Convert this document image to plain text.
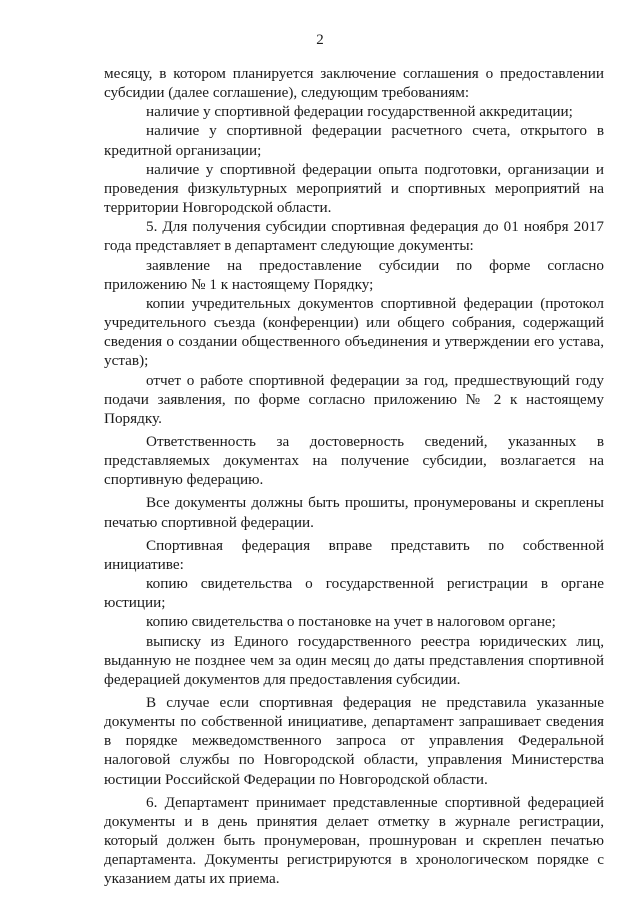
2

месяцу, в котором планируется заключение соглашения о предоставлении субсидии (далее соглашение), следующим требованиям:

наличие у спортивной федерации государственной аккредитации;

наличие у спортивной федерации расчетного счета, открытого в кредитной организации;

наличие у спортивной федерации опыта подготовки, организации и проведения физкультурных мероприятий и спортивных мероприятий на территории Новгородской области.

5. Для получения субсидии спортивная федерация до 01 ноября 2017 года представляет в департамент следующие документы:

заявление на предоставление субсидии по форме согласно приложению № 1 к настоящему Порядку;

копии учредительных документов спортивной федерации (протокол учредительного съезда (конференции) или общего собрания, содержащий сведения о создании общественного объединения и утверждении его устава, устав);

отчет о работе спортивной федерации за год, предшествующий году подачи заявления, по форме согласно приложению № 2 к настоящему Порядку.

Ответственность за достоверность сведений, указанных в представляемых документах на получение субсидии, возлагается на спортивную федерацию.

Все документы должны быть прошиты, пронумерованы и скреплены печатью спортивной федерации.

Спортивная федерация вправе представить по собственной инициативе:

копию свидетельства о государственной регистрации в органе юстиции;

копию свидетельства о постановке на учет в налоговом органе;

выписку из Единого государственного реестра юридических лиц, выданную не позднее чем за один месяц до даты представления спортивной федерацией документов для предоставления субсидии.

В случае если спортивная федерация не представила указанные документы по собственной инициативе, департамент запрашивает сведения в порядке межведомственного запроса от управления Федеральной налоговой службы по Новгородской области, управления Министерства юстиции Российской Федерации по Новгородской области.

6. Департамент принимает представленные спортивной федерацией документы и в день принятия делает отметку в журнале регистрации, который должен быть пронумерован, прошнурован и скреплен печатью департамента. Документы регистрируются в хронологическом порядке с указанием даты их приема.
